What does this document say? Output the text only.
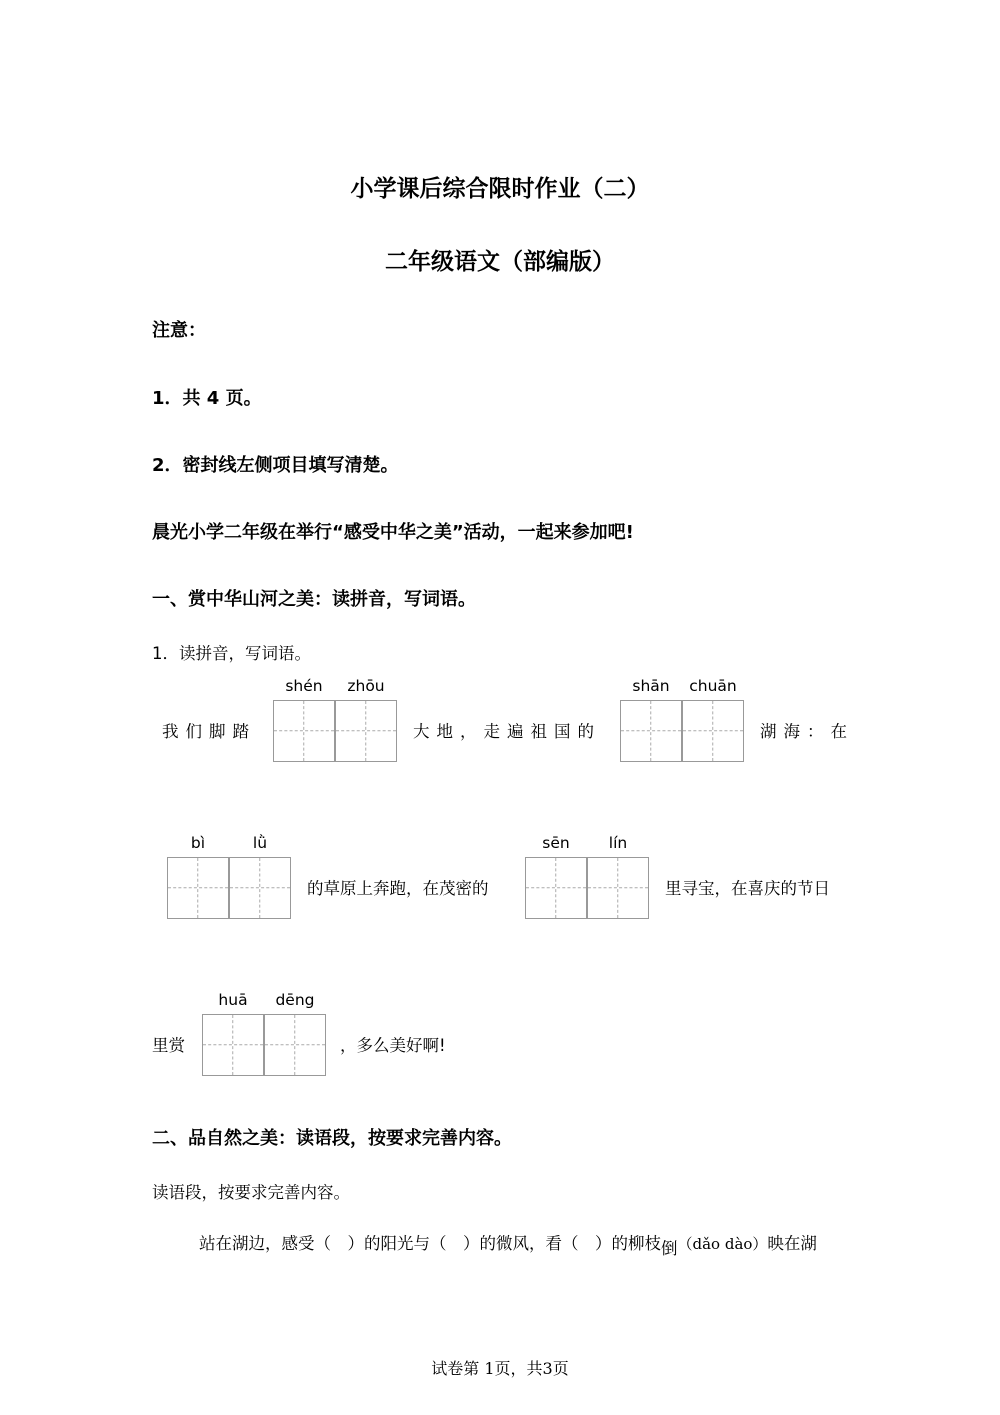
小学课后综合限时作业（二）
二年级语文（部编版）
注意：
1．共 4 页。
2．密封线左侧项目填写清楚。
晨光小学二年级在举行“感受中华之美”活动，一起来参加吧!
一、赏中华山河之美：读拼音，写词语。
1．读拼音，写词语。
我们脚踏
shén	zhōu
大地，走遍祖国的
shān	chuān
湖海：在
bì	lǜ
的草原上奔跑，在茂密的
sēn	lín
里寻宝，在喜庆的节日
里赏
huā	dēng
，多么美好啊!
二、品自然之美：读语段，按要求完善内容。
读语段，按要求完善内容。
站在湖边，感受（　）的阳光与（　）的微风，看（　）的柳枝倒（dǎo dào）映在湖
试卷第 1页，共3页
